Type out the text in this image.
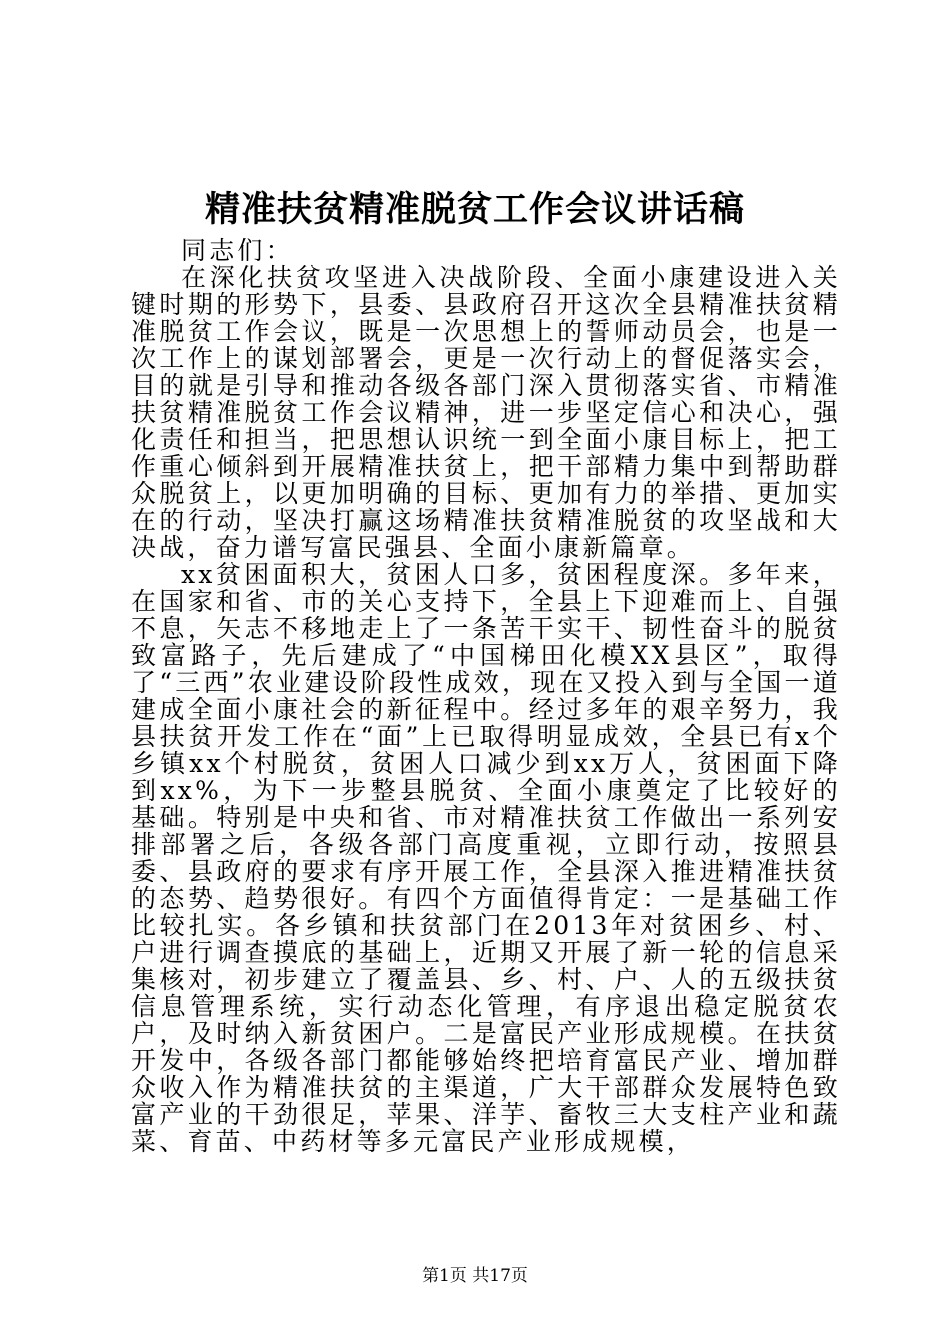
精准扶贫精准脱贫工作会议讲话稿

同志们：

在深化扶贫攻坚进入决战阶段、全面小康建设进入关键时期的形势下，县委、县政府召开这次全县精准扶贫精准脱贫工作会议，既是一次思想上的誓师动员会，也是一次工作上的谋划部署会，更是一次行动上的督促落实会，目的就是引导和推动各级各部门深入贯彻落实省、市精准扶贫精准脱贫工作会议精神，进一步坚定信心和决心，强化责任和担当，把思想认识统一到全面小康目标上，把工作重心倾斜到开展精准扶贫上，把干部精力集中到帮助群众脱贫上，以更加明确的目标、更加有力的举措、更加实在的行动，坚决打赢这场精准扶贫精准脱贫的攻坚战和大决战，奋力谱写富民强县、全面小康新篇章。

xx贫困面积大，贫困人口多，贫困程度深。多年来，在国家和省、市的关心支持下，全县上下迎难而上、自强不息，矢志不移地走上了一条苦干实干、韧性奋斗的脱贫致富路子，先后建成了“中国梯田化模XX县区”，取得了“三西”农业建设阶段性成效，现在又投入到与全国一道建成全面小康社会的新征程中。经过多年的艰辛努力，我县扶贫开发工作在“面”上已取得明显成效，全县已有x个乡镇xx个村脱贫，贫困人口减少到xx万人，贫困面下降到xx%，为下一步整县脱贫、全面小康奠定了比较好的基础。特别是中央和省、市对精准扶贫工作做出一系列安排部署之后，各级各部门高度重视，立即行动，按照县委、县政府的要求有序开展工作，全县深入推进精准扶贫的态势、趋势很好。有四个方面值得肯定：一是基础工作比较扎实。各乡镇和扶贫部门在2013年对贫困乡、村、户进行调查摸底的基础上，近期又开展了新一轮的信息采集核对，初步建立了覆盖县、乡、村、户、人的五级扶贫信息管理系统，实行动态化管理，有序退出稳定脱贫农户，及时纳入新贫困户。二是富民产业形成规模。在扶贫开发中，各级各部门都能够始终把培育富民产业、增加群众收入作为精准扶贫的主渠道，广大干部群众发展特色致富产业的干劲很足，苹果、洋芋、畜牧三大支柱产业和蔬菜、育苗、中药材等多元富民产业形成规模，

第1页 共17页
